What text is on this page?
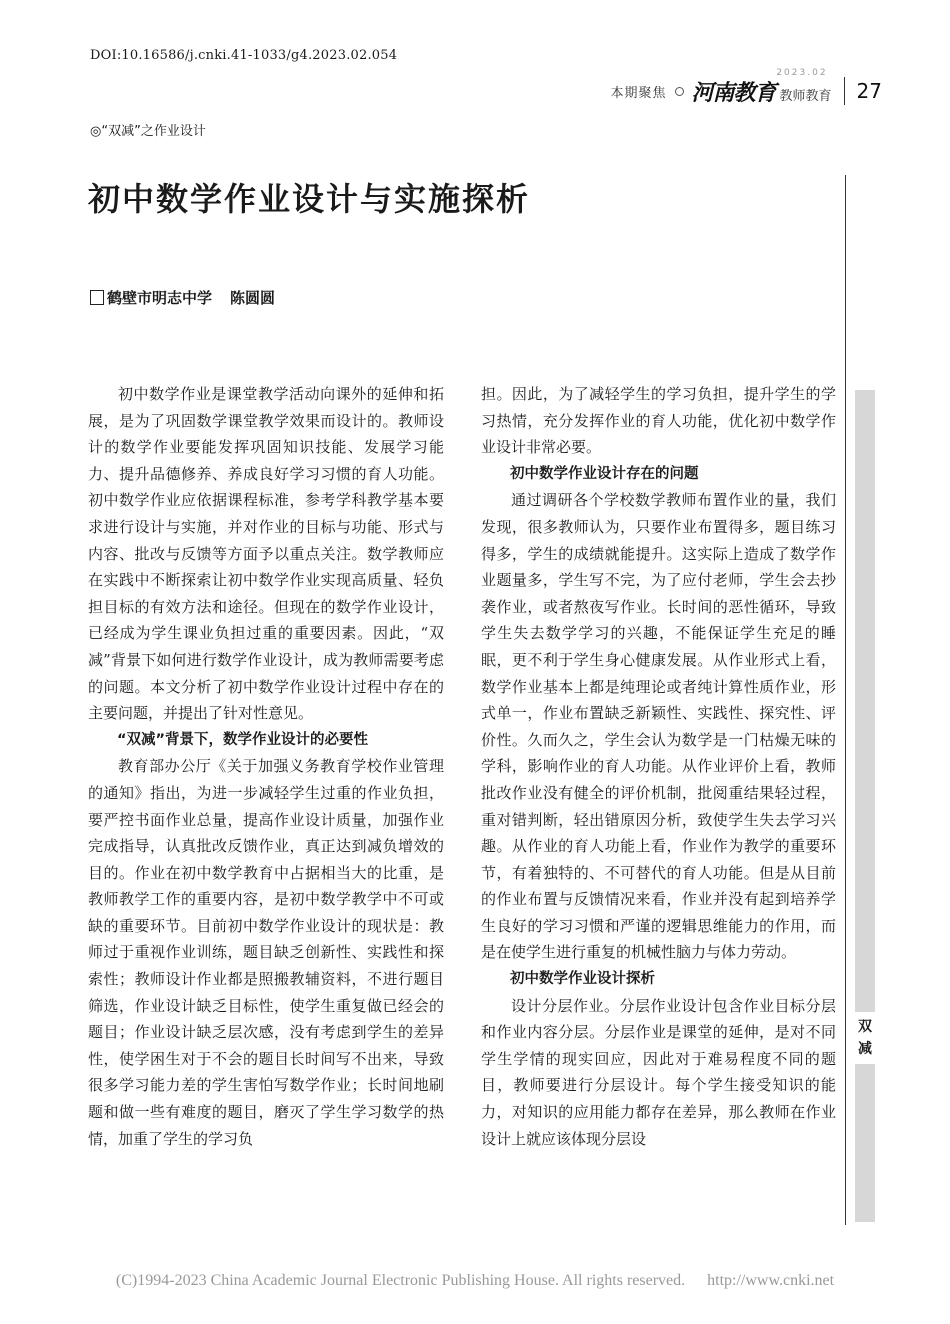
DOI:10.16586/j.cnki.41-1033/g4.2023.02.054
本期聚焦
2023.02
河南教育 教师教育 27
◎“双减”之作业设计
初中数学作业设计与实施探析
鹤壁市明志中学 陈圆圆

初中数学作业是课堂教学活动向课外的延伸和拓展，是为了巩固数学课堂教学效果而设计的。教师设计的数学作业要能发挥巩固知识技能、发展学习能力、提升品德修养、养成良好学习习惯的育人功能。初中数学作业应依据课程标准，参考学科教学基本要求进行设计与实施，并对作业的目标与功能、形式与内容、批改与反馈等方面予以重点关注。数学教师应在实践中不断探索让初中数学作业实现高质量、轻负担目标的有效方法和途径。但现在的数学作业设计，已经成为学生课业负担过重的重要因素。因此，“双减”背景下如何进行数学作业设计，成为教师需要考虑的问题。本文分析了初中数学作业设计过程中存在的主要问题，并提出了针对性意见。

“双减”背景下，数学作业设计的必要性

教育部办公厅《关于加强义务教育学校作业管理的通知》指出，为进一步减轻学生过重的作业负担，要严控书面作业总量，提高作业设计质量，加强作业完成指导，认真批改反馈作业，真正达到减负增效的目的。作业在初中数学教育中占据相当大的比重，是教师教学工作的重要内容，是初中数学教学中不可或缺的重要环节。目前初中数学作业设计的现状是：教师过于重视作业训练，题目缺乏创新性、实践性和探索性；教师设计作业都是照搬教辅资料，不进行题目筛选，作业设计缺乏目标性，使学生重复做已经会的题目；作业设计缺乏层次感，没有考虑到学生的差异性，使学困生对于不会的题目长时间写不出来，导致很多学习能力差的学生害怕写数学作业；长时间地刷题和做一些有难度的题目，磨灭了学生学习数学的热情，加重了学生的学习负

担。因此，为了减轻学生的学习负担，提升学生的学习热情，充分发挥作业的育人功能，优化初中数学作业设计非常必要。

初中数学作业设计存在的问题

通过调研各个学校数学教师布置作业的量，我们发现，很多教师认为，只要作业布置得多，题目练习得多，学生的成绩就能提升。这实际上造成了数学作业题量多，学生写不完，为了应付老师，学生会去抄袭作业，或者熬夜写作业。长时间的恶性循环，导致学生失去数学学习的兴趣，不能保证学生充足的睡眠，更不利于学生身心健康发展。从作业形式上看，数学作业基本上都是纯理论或者纯计算性质作业，形式单一，作业布置缺乏新颖性、实践性、探究性、评价性。久而久之，学生会认为数学是一门枯燥无味的学科，影响作业的育人功能。从作业评价上看，教师批改作业没有健全的评价机制，批阅重结果轻过程，重对错判断，轻出错原因分析，致使学生失去学习兴趣。从作业的育人功能上看，作业作为教学的重要环节，有着独特的、不可替代的育人功能。但是从目前的作业布置与反馈情况来看，作业并没有起到培养学生良好的学习习惯和严谨的逻辑思维能力的作用，而是在使学生进行重复的机械性脑力与体力劳动。

初中数学作业设计探析

设计分层作业。分层作业设计包含作业目标分层和作业内容分层。分层作业是课堂的延伸，是对不同学生学情的现实回应，因此对于难易程度不同的题目，教师要进行分层设计。每个学生接受知识的能力，对知识的应用能力都存在差异，那么教师在作业设计上就应该体现分层设

双减
(C)1994-2023 China Academic Journal Electronic Publishing House. All rights reserved. http://www.cnki.net
